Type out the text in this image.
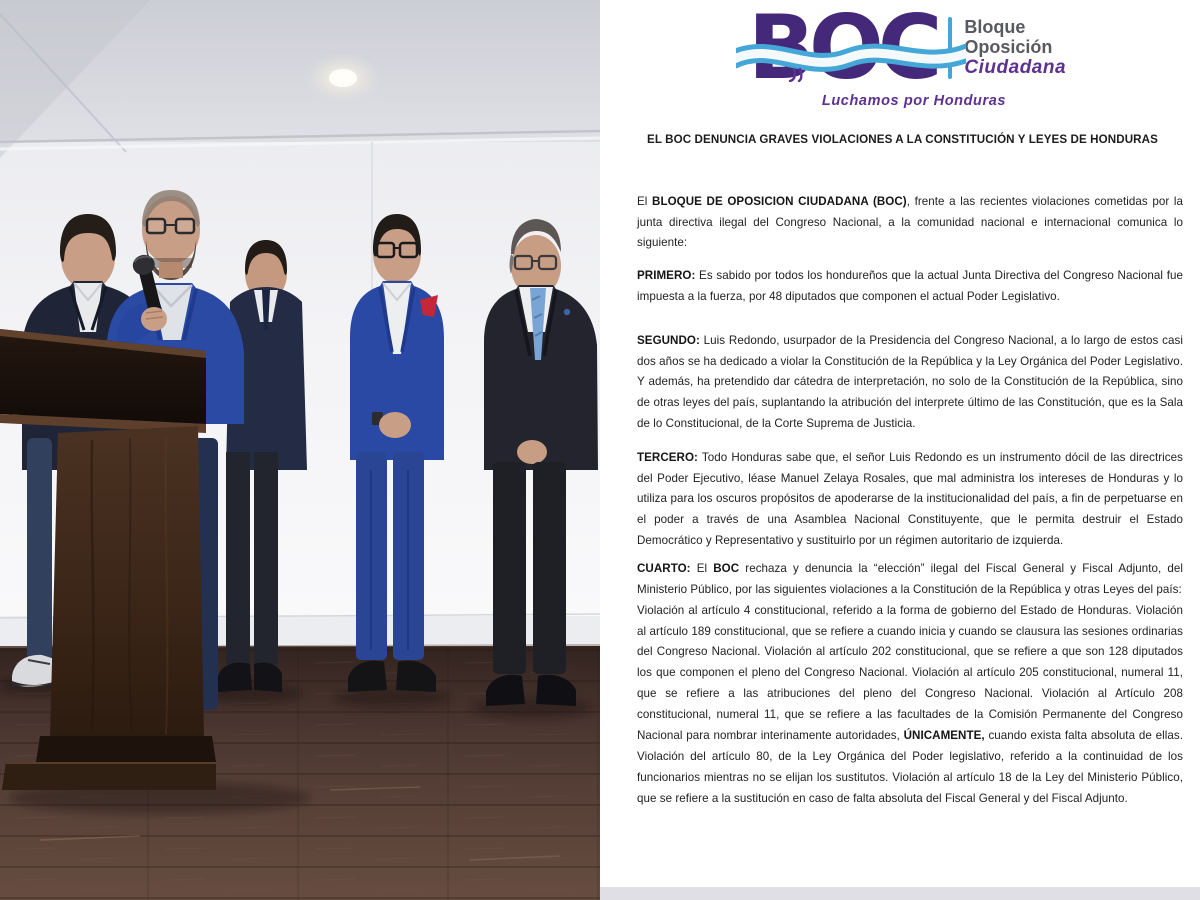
BOC Bloque
Oposición
Ciudadana
Luchamos por Honduras
EL BOC DENUNCIA GRAVES VIOLACIONES A LA CONSTITUCIÓN Y LEYES DE HONDURAS

El BLOQUE DE OPOSICION CIUDADANA (BOC), frente a las recientes violaciones cometidas por la junta directiva ilegal del Congreso Nacional, a la comunidad nacional e internacional comunica lo siguiente:

PRIMERO: Es sabido por todos los hondureños que la actual Junta Directiva del Congreso Nacional fue impuesta a la fuerza, por 48 diputados que componen el actual Poder Legislativo.

SEGUNDO: Luis Redondo, usurpador de la Presidencia del Congreso Nacional, a lo largo de estos casi dos años se ha dedicado a violar la Constitución de la República y la Ley Orgánica del Poder Legislativo. Y además, ha pretendido dar cátedra de interpretación, no solo de la Constitución de la República, sino de otras leyes del país, suplantando la atribución del interprete último de las Constitución, que es la Sala de lo Constitucional, de la Corte Suprema de Justicia.

TERCERO: Todo Honduras sabe que, el señor Luis Redondo es un instrumento dócil de las directrices del Poder Ejecutivo, léase Manuel Zelaya Rosales, que mal administra los intereses de Honduras y lo utiliza para los oscuros propósitos de apoderarse de la institucionalidad del país, a fin de perpetuarse en el poder a través de una Asamblea Nacional Constituyente, que le permita destruir el Estado Democrático y Representativo y sustituirlo por un régimen autoritario de izquierda.

CUARTO: El BOC rechaza y denuncia la “elección” ilegal del Fiscal General y Fiscal Adjunto, del Ministerio Público, por las siguientes violaciones a la Constitución de la República y otras Leyes del país:

Violación al artículo 4 constitucional, referido a la forma de gobierno del Estado de Honduras. Violación al artículo 189 constitucional, que se refiere a cuando inicia y cuando se clausura las sesiones ordinarias del Congreso Nacional. Violación al artículo 202 constitucional, que se refiere a que son 128 diputados los que componen el pleno del Congreso Nacional. Violación al artículo 205 constitucional, numeral 11, que se refiere a las atribuciones del pleno del Congreso Nacional. Violación al Artículo 208 constitucional, numeral 11, que se refiere a las facultades de la Comisión Permanente del Congreso Nacional para nombrar interinamente autoridades, ÚNICAMENTE, cuando exista falta absoluta de ellas. Violación del artículo 80, de la Ley Orgánica del Poder legislativo, referido a la continuidad de los funcionarios mientras no se elijan los sustitutos. Violación al artículo 18 de la Ley del Ministerio Público, que se refiere a la sustitución en caso de falta absoluta del Fiscal General y del Fiscal Adjunto.
